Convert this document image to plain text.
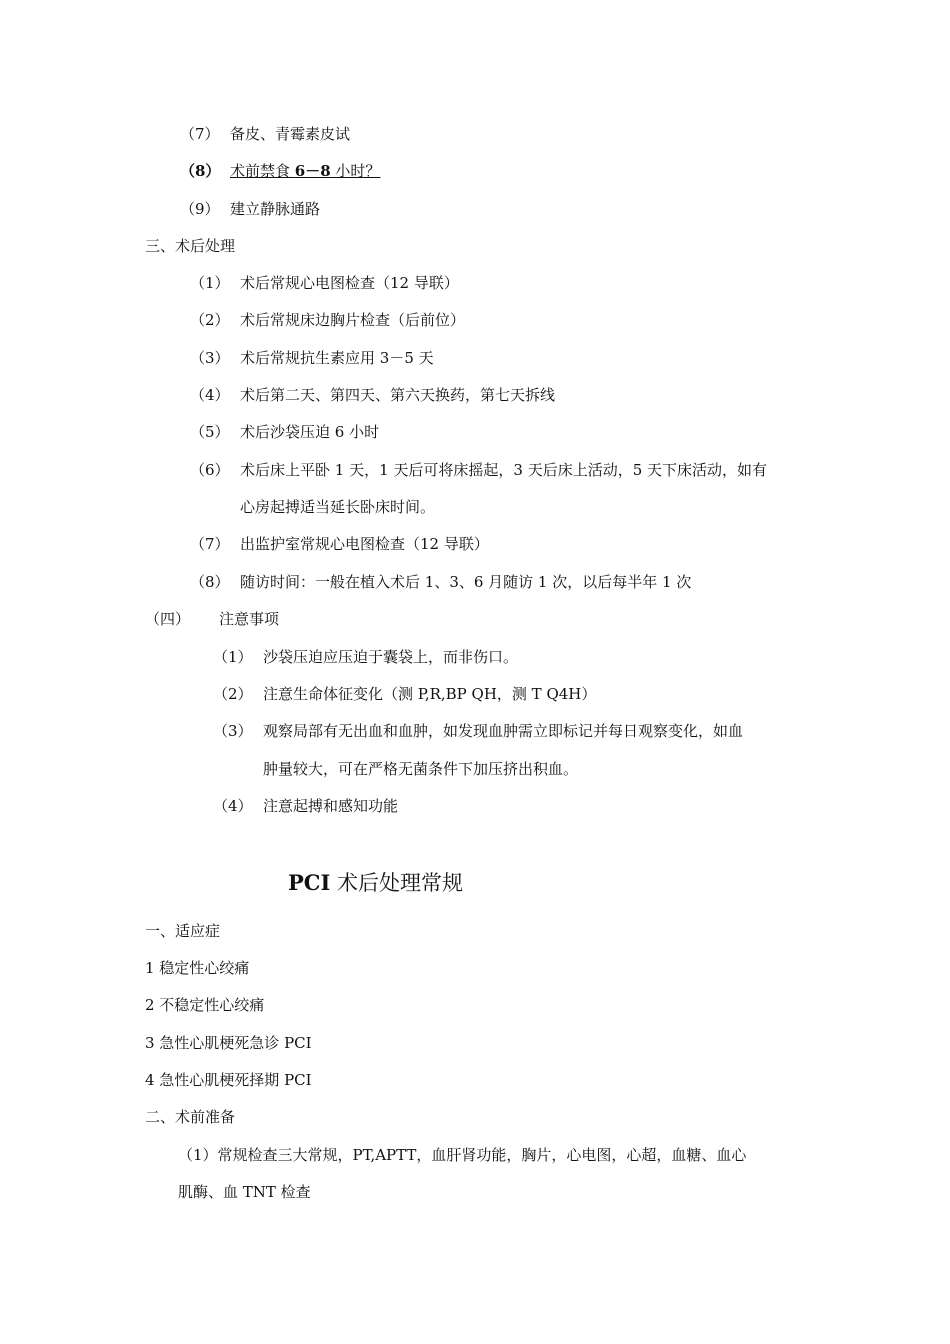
（7） 备皮、青霉素皮试
（8） 术前禁食 6－8 小时？
（9） 建立静脉通路
三、术后处理
（1） 术后常规心电图检查（12 导联）
（2） 术后常规床边胸片检查（后前位）
（3） 术后常规抗生素应用 3－5 天
（4） 术后第二天、第四天、第六天换药，第七天拆线
（5） 术后沙袋压迫 6 小时
（6） 术后床上平卧 1 天，1 天后可将床摇起，3 天后床上活动，5 天下床活动，如有
心房起搏适当延长卧床时间。
（7） 出监护室常规心电图检查（12 导联）
（8） 随访时间：一般在植入术后 1、3、6 月随访 1 次，以后每半年 1 次
（四） 注意事项
（1） 沙袋压迫应压迫于囊袋上，而非伤口。
（2） 注意生命体征变化（测 P,R,BP QH，测 T Q4H）
（3） 观察局部有无出血和血肿，如发现血肿需立即标记并每日观察变化，如血
肿量较大，可在严格无菌条件下加压挤出积血。
（4） 注意起搏和感知功能
PCI 术后处理常规
一、适应症
1 稳定性心绞痛
2 不稳定性心绞痛
3 急性心肌梗死急诊 PCI
4 急性心肌梗死择期 PCI
二、术前准备
（1）常规检查三大常规，PT,APTT，血肝肾功能，胸片，心电图，心超，血糖、血心
肌酶、血 TNT 检查
